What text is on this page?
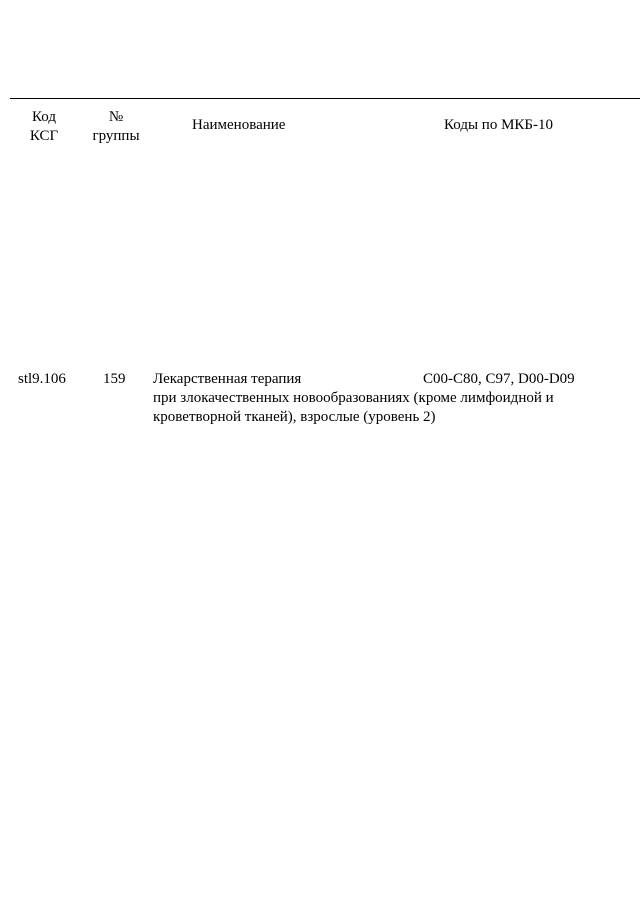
Код
КСГ
№
группы
Наименование	Коды по МКБ-10
stl9.106 159 Лекарственная терапия	C00-C80, C97, D00-D09
при злокачественных новообразованиях (кроме лимфоидной и
кроветворной тканей), взрослые (уровень 2)
